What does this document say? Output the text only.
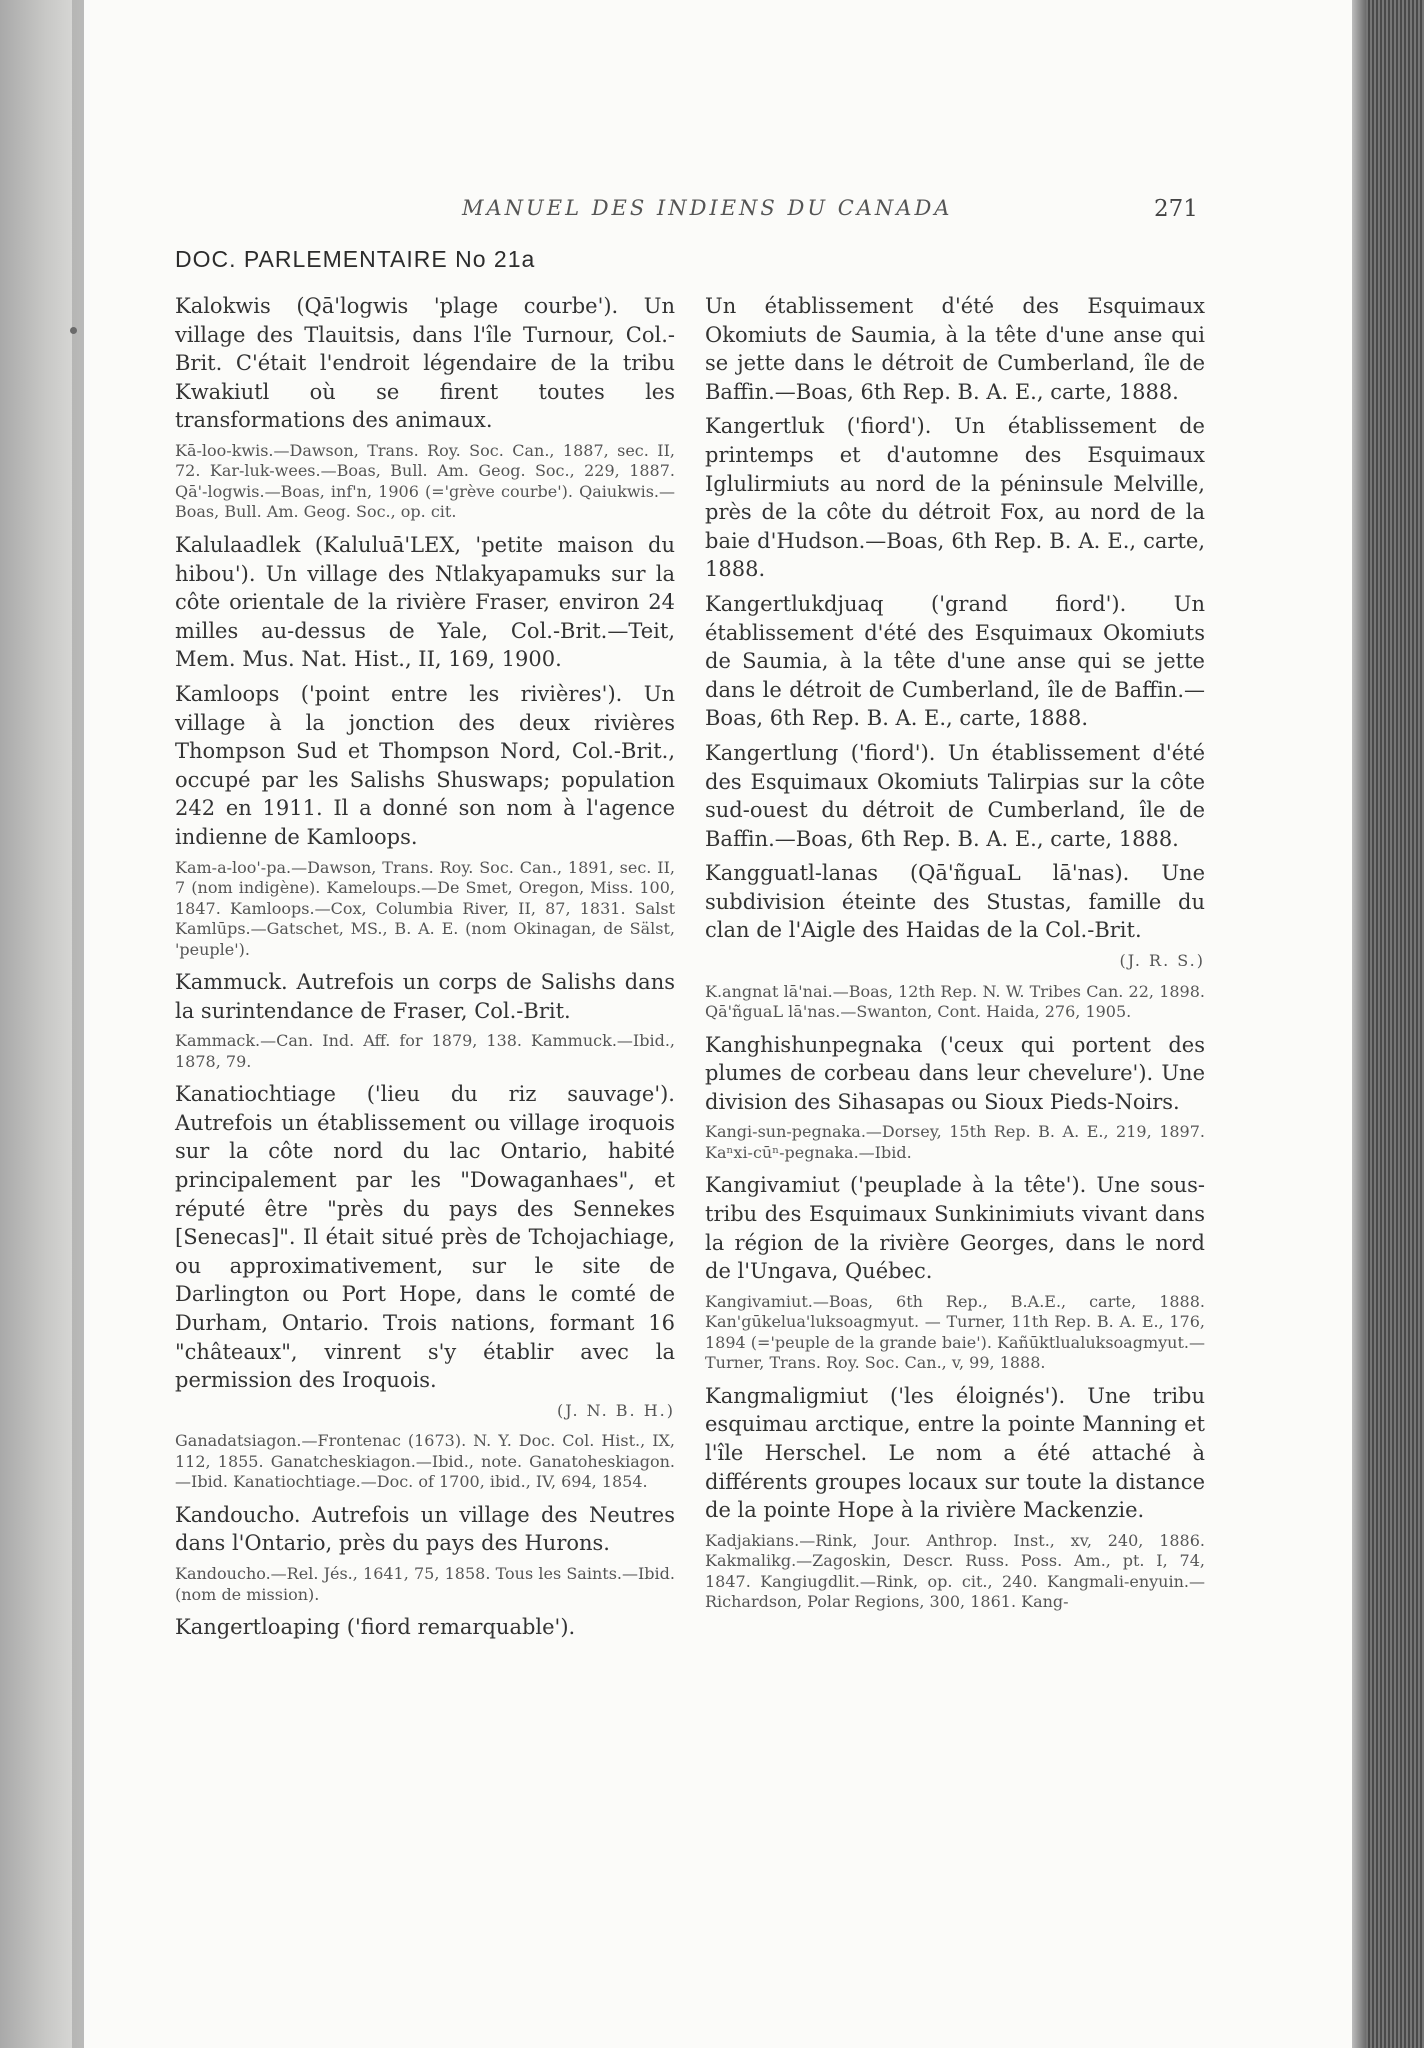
MANUEL DES INDIENS DU CANADA	271
DOC. PARLEMENTAIRE No 21a

Kalokwis (Qā'logwis 'plage courbe'). Un village des Tlauitsis, dans l'île Turnour, Col.-Brit. C'était l'endroit légendaire de la tribu Kwakiutl où se firent toutes les transformations des animaux.

Kā-loo-kwis.—Dawson, Trans. Roy. Soc. Can., 1887, sec. II, 72. Kar-luk-wees.—Boas, Bull. Am. Geog. Soc., 229, 1887. Qā'-logwis.—Boas, inf'n, 1906 (='grève courbe'). Qaiukwis.—Boas, Bull. Am. Geog. Soc., op. cit.

Kalulaadlek (Kaluluā'LEX, 'petite maison du hibou'). Un village des Ntlakyapamuks sur la côte orientale de la rivière Fraser, environ 24 milles au-dessus de Yale, Col.-Brit.—Teit, Mem. Mus. Nat. Hist., II, 169, 1900.

Kamloops ('point entre les rivières'). Un village à la jonction des deux rivières Thompson Sud et Thompson Nord, Col.-Brit., occupé par les Salishs Shuswaps; population 242 en 1911. Il a donné son nom à l'agence indienne de Kamloops.

Kam-a-loo'-pa.—Dawson, Trans. Roy. Soc. Can., 1891, sec. II, 7 (nom indigène). Kameloups.—De Smet, Oregon, Miss. 100, 1847. Kamloops.—Cox, Columbia River, II, 87, 1831. Salst Kamlūps.—Gatschet, MS., B. A. E. (nom Okinagan, de Sälst, 'peuple').

Kammuck. Autrefois un corps de Salishs dans la surintendance de Fraser, Col.-Brit.

Kammack.—Can. Ind. Aff. for 1879, 138. Kammuck.—Ibid., 1878, 79.

Kanatiochtiage ('lieu du riz sauvage'). Autrefois un établissement ou village iroquois sur la côte nord du lac Ontario, habité principalement par les "Dowaganhaes", et réputé être "près du pays des Sennekes [Senecas]". Il était situé près de Tchojachiage, ou approximativement, sur le site de Darlington ou Port Hope, dans le comté de Durham, Ontario. Trois nations, formant 16 "châteaux", vinrent s'y établir avec la permission des Iroquois.
(J. N. B. H.)

Ganadatsiagon.—Frontenac (1673). N. Y. Doc. Col. Hist., IX, 112, 1855. Ganatcheskiagon.—Ibid., note. Ganatoheskiagon.—Ibid. Kanatiochtiage.—Doc. of 1700, ibid., IV, 694, 1854.

Kandoucho. Autrefois un village des Neutres dans l'Ontario, près du pays des Hurons.

Kandoucho.—Rel. Jés., 1641, 75, 1858. Tous les Saints.—Ibid. (nom de mission).

Kangertloaping ('fiord remarquable').

Un établissement d'été des Esquimaux Okomiuts de Saumia, à la tête d'une anse qui se jette dans le détroit de Cumberland, île de Baffin.—Boas, 6th Rep. B. A. E., carte, 1888.

Kangertluk ('fiord'). Un établissement de printemps et d'automne des Esquimaux Iglulirmiuts au nord de la péninsule Melville, près de la côte du détroit Fox, au nord de la baie d'Hudson.—Boas, 6th Rep. B. A. E., carte, 1888.

Kangertlukdjuaq ('grand fiord'). Un établissement d'été des Esquimaux Okomiuts de Saumia, à la tête d'une anse qui se jette dans le détroit de Cumberland, île de Baffin.—Boas, 6th Rep. B. A. E., carte, 1888.

Kangertlung ('fiord'). Un établissement d'été des Esquimaux Okomiuts Talirpias sur la côte sud-ouest du détroit de Cumberland, île de Baffin.—Boas, 6th Rep. B. A. E., carte, 1888.

Kangguatl-lanas (Qā'ñguaL lā'nas). Une subdivision éteinte des Stustas, famille du clan de l'Aigle des Haidas de la Col.-Brit.
(J. R. S.)

K.angnat lā'nai.—Boas, 12th Rep. N. W. Tribes Can. 22, 1898. Qā'ñguaL lā'nas.—Swanton, Cont. Haida, 276, 1905.

Kanghishunpegnaka ('ceux qui portent des plumes de corbeau dans leur chevelure'). Une division des Sihasapas ou Sioux Pieds-Noirs.

Kangi-sun-pegnaka.—Dorsey, 15th Rep. B. A. E., 219, 1897. Kaⁿxi-cūⁿ-pegnaka.—Ibid.

Kangivamiut ('peuplade à la tête'). Une sous-tribu des Esquimaux Sunkinimiuts vivant dans la région de la rivière Georges, dans le nord de l'Ungava, Québec.

Kangivamiut.—Boas, 6th Rep., B.A.E., carte, 1888. Kan'gūkelua'luksoagmyut. — Turner, 11th Rep. B. A. E., 176, 1894 (='peuple de la grande baie'). Kañūktlualuksoagmyut.—Turner, Trans. Roy. Soc. Can., v, 99, 1888.

Kangmaligmiut ('les éloignés'). Une tribu esquimau arctique, entre la pointe Manning et l'île Herschel. Le nom a été attaché à différents groupes locaux sur toute la distance de la pointe Hope à la rivière Mackenzie.

Kadjakians.—Rink, Jour. Anthrop. Inst., xv, 240, 1886. Kakmalikg.—Zagoskin, Descr. Russ. Poss. Am., pt. I, 74, 1847. Kangiugdlit.—Rink, op. cit., 240. Kangmali-enyuin.—Richardson, Polar Regions, 300, 1861. Kang-
